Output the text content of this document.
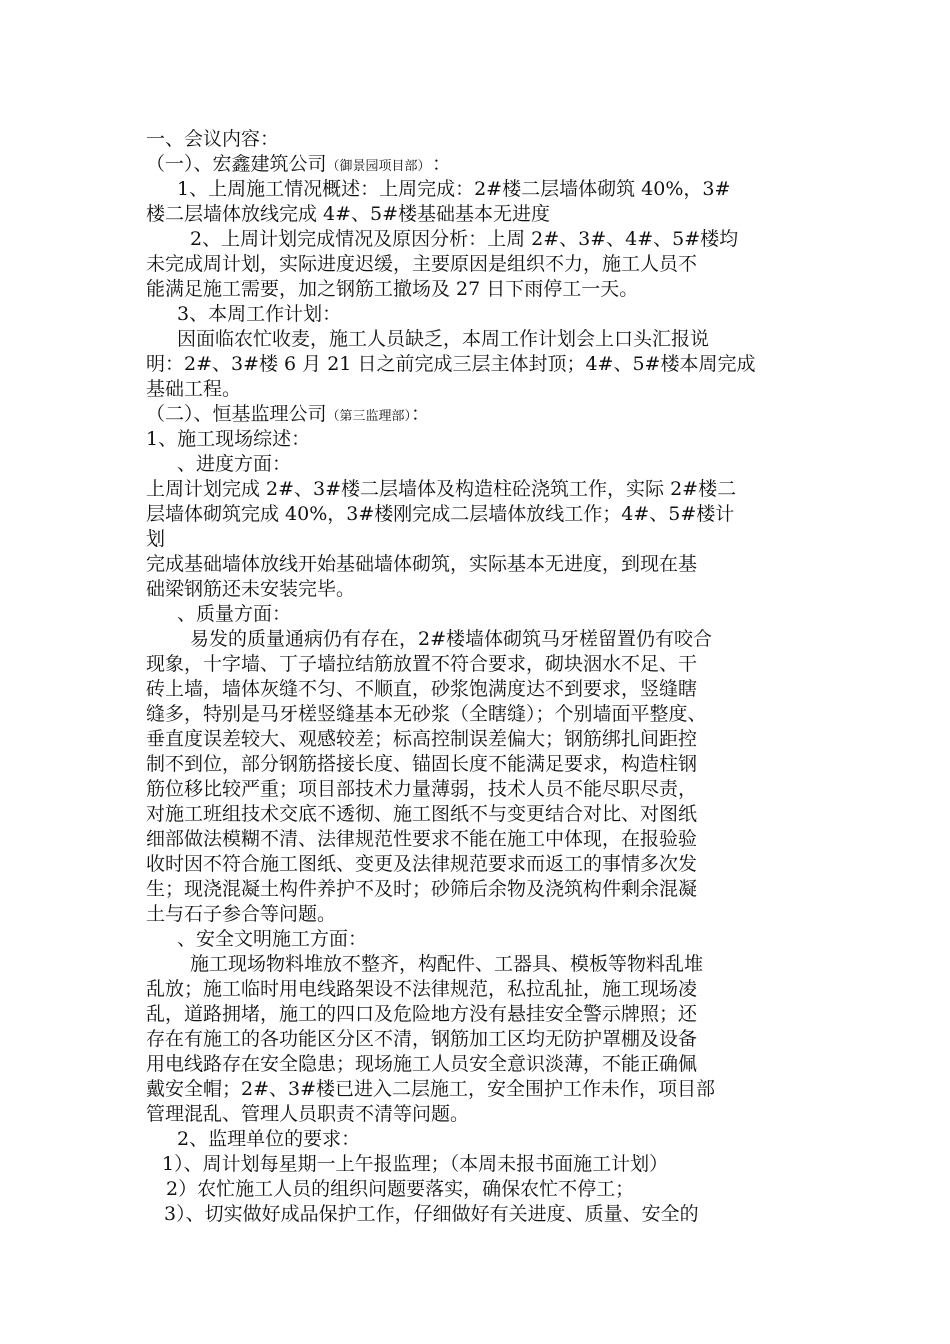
一、会议内容：
（一）、宏鑫建筑公司（御景园项目部） ：
1、上周施工情况概述：上周完成：2#楼二层墙体砌筑 40%，3#
楼二层墙体放线完成 4#、5#楼基础基本无进度
2、上周计划完成情况及原因分析：上周 2#、3#、4#、5#楼均
未完成周计划，实际进度迟缓，主要原因是组织不力，施工人员不
能满足施工需要，加之钢筋工撤场及 27 日下雨停工一天。
3、本周工作计划：
因面临农忙收麦，施工人员缺乏，本周工作计划会上口头汇报说
明：2#、3#楼 6 月 21 日之前完成三层主体封顶；4#、5#楼本周完成
基础工程。
（二）、恒基监理公司（第三监理部）：
1、施工现场综述：
、进度方面：
上周计划完成 2#、3#楼二层墙体及构造柱砼浇筑工作，实际 2#楼二
层墙体砌筑完成 40%，3#楼刚完成二层墙体放线工作；4#、5#楼计
划
完成基础墙体放线开始基础墙体砌筑，实际基本无进度，到现在基
础梁钢筋还未安装完毕。
、质量方面：
易发的质量通病仍有存在，2#楼墙体砌筑马牙槎留置仍有咬合
现象，十字墙、丁子墙拉结筋放置不符合要求，砌块洇水不足、干
砖上墙，墙体灰缝不匀、不顺直，砂浆饱满度达不到要求，竖缝瞎
缝多，特别是马牙槎竖缝基本无砂浆（全瞎缝）；个别墙面平整度、
垂直度误差较大、观感较差；标高控制误差偏大；钢筋绑扎间距控
制不到位，部分钢筋搭接长度、锚固长度不能满足要求，构造柱钢
筋位移比较严重；项目部技术力量薄弱，技术人员不能尽职尽责，
对施工班组技术交底不透彻、施工图纸不与变更结合对比、对图纸
细部做法模糊不清、法律规范性要求不能在施工中体现，在报验验
收时因不符合施工图纸、变更及法律规范要求而返工的事情多次发
生；现浇混凝土构件养护不及时；砂筛后余物及浇筑构件剩余混凝
土与石子参合等问题。
、安全文明施工方面：
施工现场物料堆放不整齐，构配件、工器具、模板等物料乱堆
乱放；施工临时用电线路架设不法律规范，私拉乱扯，施工现场凌
乱，道路拥堵，施工的四口及危险地方没有悬挂安全警示牌照；还
存在有施工的各功能区分区不清，钢筋加工区均无防护罩棚及设备
用电线路存在安全隐患；现场施工人员安全意识淡薄，不能正确佩
戴安全帽；2#、3#楼已进入二层施工，安全围护工作未作，项目部
管理混乱、管理人员职责不清等问题。
2、监理单位的要求：
1）、周计划每星期一上午报监理；（本周未报书面施工计划）
2）农忙施工人员的组织问题要落实，确保农忙不停工；
3）、切实做好成品保护工作，仔细做好有关进度、质量、安全的
